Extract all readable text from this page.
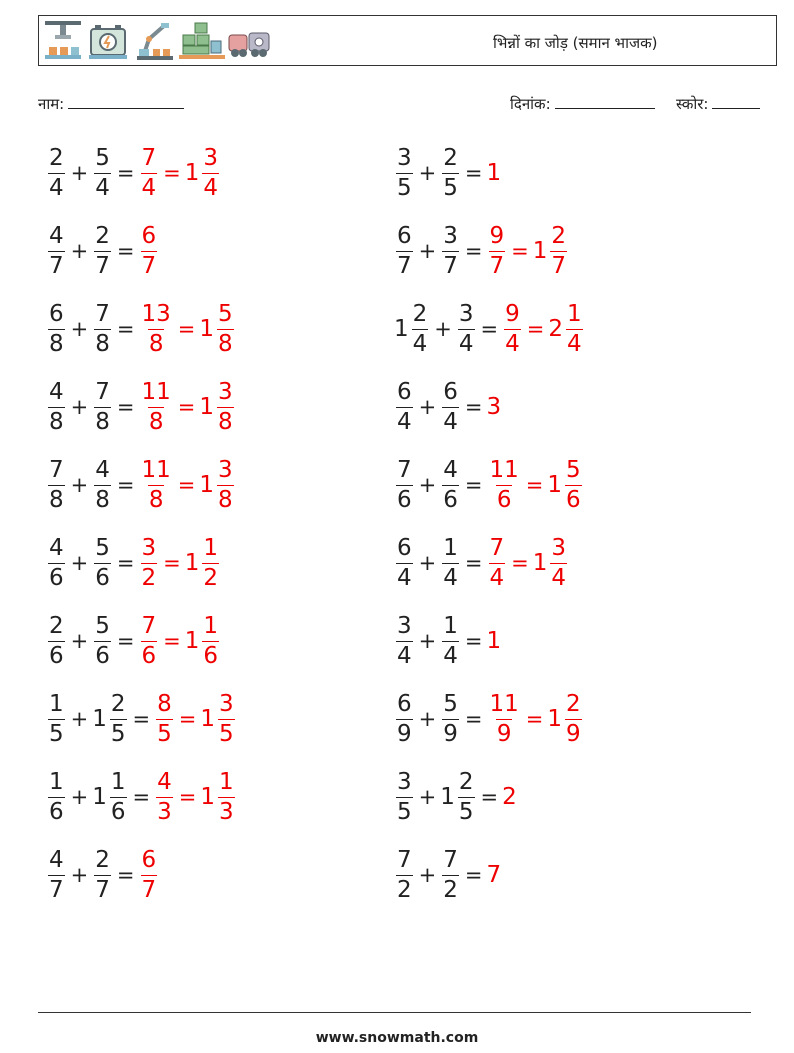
भिन्नों का जोड़ (समान भाजक)
नाम:	दिनांक:	स्कोर:
$\frac{2}{4} + \frac{5}{4} = \frac{7}{4} = 1 \frac{3}{4}$	$\frac{3}{5} + \frac{2}{5} = 1$
$\frac{4}{7} + \frac{2}{7} = \frac{6}{7}$	$\frac{6}{7} + \frac{3}{7} = \frac{9}{7} = 1 \frac{2}{7}$
$\frac{6}{8} + \frac{7}{8} = \frac{13}{8} = 1 \frac{5}{8}$	$1 \frac{2}{4} + \frac{3}{4} = \frac{9}{4} = 2 \frac{1}{4}$
$\frac{4}{8} + \frac{7}{8} = \frac{11}{8} = 1 \frac{3}{8}$	$\frac{6}{4} + \frac{6}{4} = 3$
$\frac{7}{8} + \frac{4}{8} = \frac{11}{8} = 1 \frac{3}{8}$	$\frac{7}{6} + \frac{4}{6} = \frac{11}{6} = 1 \frac{5}{6}$
$\frac{4}{6} + \frac{5}{6} = \frac{3}{2} = 1 \frac{1}{2}$	$\frac{6}{4} + \frac{1}{4} = \frac{7}{4} = 1 \frac{3}{4}$
$\frac{2}{6} + \frac{5}{6} = \frac{7}{6} = 1 \frac{1}{6}$	$\frac{3}{4} + \frac{1}{4} = 1$
$\frac{1}{5} + 1 \frac{2}{5} = \frac{8}{5} = 1 \frac{3}{5}$	$\frac{6}{9} + \frac{5}{9} = \frac{11}{9} = 1 \frac{2}{9}$
$\frac{1}{6} + 1 \frac{1}{6} = \frac{4}{3} = 1 \frac{1}{3}$	$\frac{3}{5} + 1 \frac{2}{5} = 2$
$\frac{4}{7} + \frac{2}{7} = \frac{6}{7}$	$\frac{7}{2} + \frac{7}{2} = 7$
www.snowmath.com
